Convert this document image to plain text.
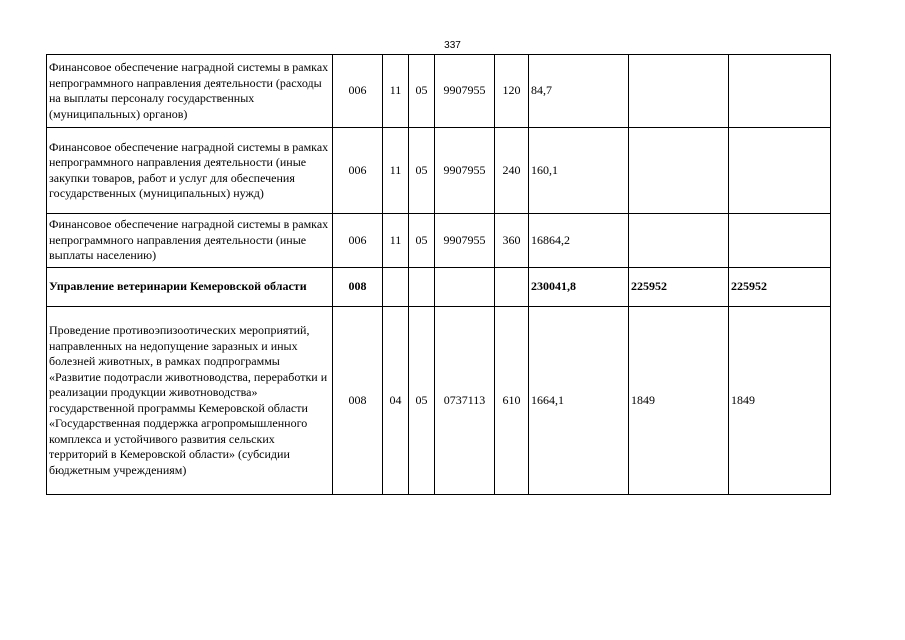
337
Финансовое обеспечение наградной системы в рамках непрограммного направления деятельности (расходы на выплаты персоналу государственных (муниципальных) органов)	006	11	05	9907955	120	84,7		
Финансовое обеспечение наградной системы в рамках непрограммного направления деятельности (иные закупки товаров, работ и услуг для обеспечения государственных (муниципальных) нужд)	006	11	05	9907955	240	160,1		
Финансовое обеспечение наградной системы в рамках непрограммного направления деятельности (иные выплаты населению)	006	11	05	9907955	360	16864,2		
Управление ветеринарии Кемеровской области	008					230041,8	225952	225952
Проведение противоэпизоотических мероприятий, направленных на недопущение заразных и иных болезней животных, в рамках подпрограммы «Развитие подотрасли животноводства, переработки и реализации продукции животноводства» государственной программы Кемеровской области «Государственная поддержка агропромышленного комплекса и устойчивого развития сельских территорий в Кемеровской области» (субсидии бюджетным учреждениям)	008	04	05	0737113	610	1664,1	1849	1849
